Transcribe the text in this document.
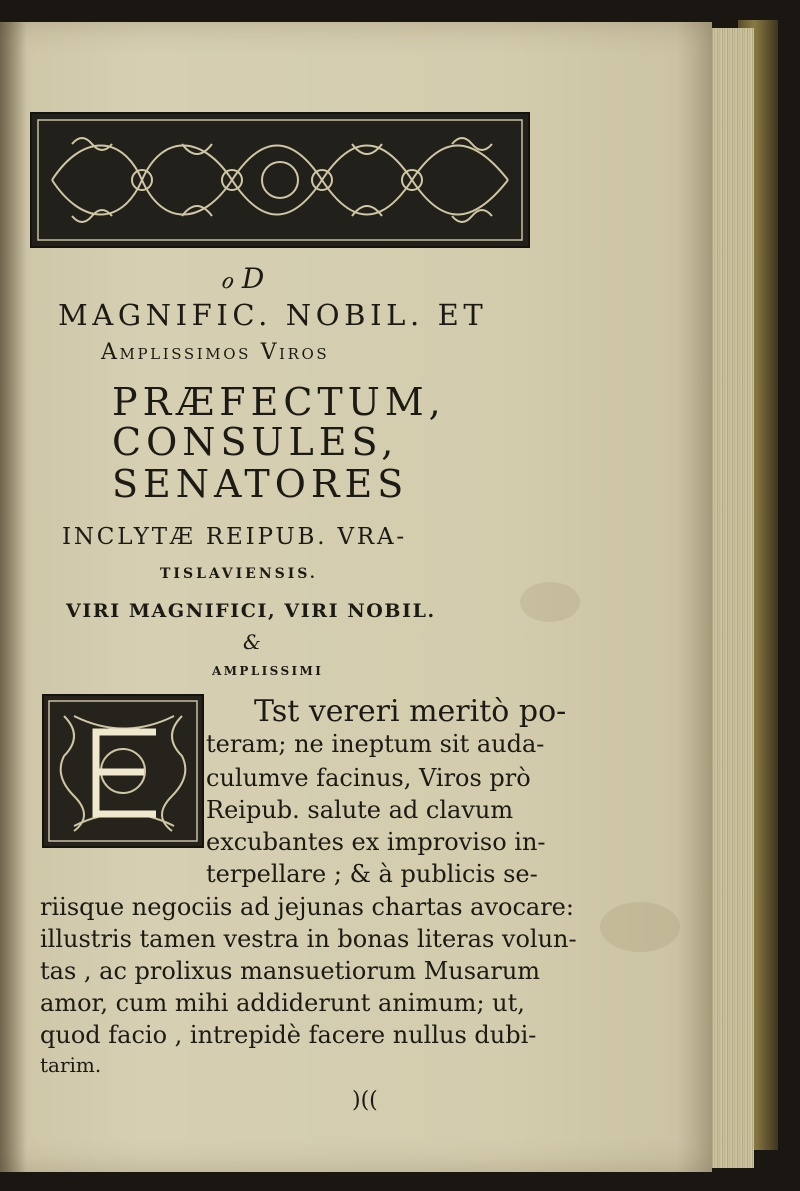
ℴ D
MAGNIFIC. NOBIL. ET
Amplissimos Viros
PRÆFECTUM,
CONSULES,
SENATORES
INCLYTÆ REIPUB. VRA-
TISLAVIENSIS.
VIRI MAGNIFICI, VIRI NOBIL.
&
AMPLISSIMI
Tst vereri meritò po-
teram; ne ineptum sit auda-
culumve facinus, Viros prò
Reipub. salute ad clavum
excubantes ex improviso in-
terpellare ; & à publicis se-
riisque negociis ad jejunas chartas avocare:
illustris tamen vestra in bonas literas volun-
tas , ac prolixus mansuetiorum Musarum
amor, cum mihi addiderunt animum; ut,
quod facio , intrepidè facere nullus dubi-
tarim.
)((
